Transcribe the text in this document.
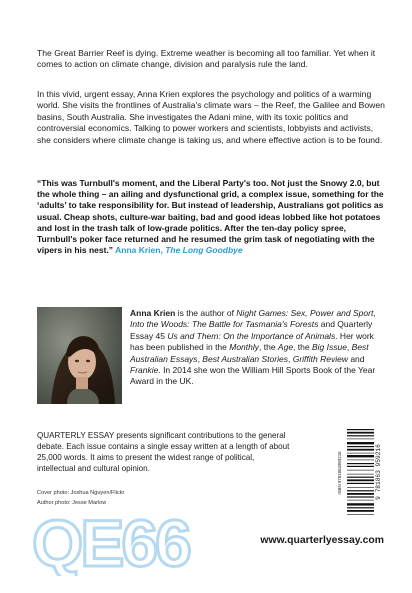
The Great Barrier Reef is dying. Extreme weather is becoming all too familiar. Yet when it comes to action on climate change, division and paralysis rule the land.

In this vivid, urgent essay, Anna Krien explores the psychology and politics of a warming world. She visits the frontlines of Australia's climate wars – the Reef, the Galilee and Bowen basins, South Australia. She investigates the Adani mine, with its toxic politics and controversial economics. Talking to power workers and scientists, lobbyists and activists, she considers where climate change is taking us, and where effective action is to be found.

“This was Turnbull's moment, and the Liberal Party's too. Not just the Snowy 2.0, but the whole thing – an ailing and dysfunctional grid, a complex issue, something for the ‘adults’ to take responsibility for. But instead of leadership, Australians got politics as usual. Cheap shots, culture-war baiting, bad and good ideas lobbed like hot potatoes and lost in the trash talk of low-grade politics. After the ten-day policy spree, Turnbull's poker face returned and he resumed the grim task of negotiating with the vipers in his nest.” Anna Krien, The Long Goodbye

Anna Krien is the author of Night Games: Sex, Power and Sport, Into the Woods: The Battle for Tasmania's Forests and Quarterly Essay 45 Us and Them: On the Importance of Animals. Her work has been published in the Monthly, the Age, the Big Issue, Best Australian Essays, Best Australian Stories, Griffith Review and Frankie. In 2014 she won the William Hill Sports Book of the Year Award in the UK.

QUARTERLY ESSAY presents significant contributions to the general debate. Each issue contains a single essay written at a length of about 25,000 words. It aims to present the widest range of political, intellectual and cultural opinion.

Cover photo: Joshua Nguyen/Flickr

Author photo: Jesse Marlow

ISBN 9781863959216	9 781863 959216
QE66	www.quarterlyessay.com
